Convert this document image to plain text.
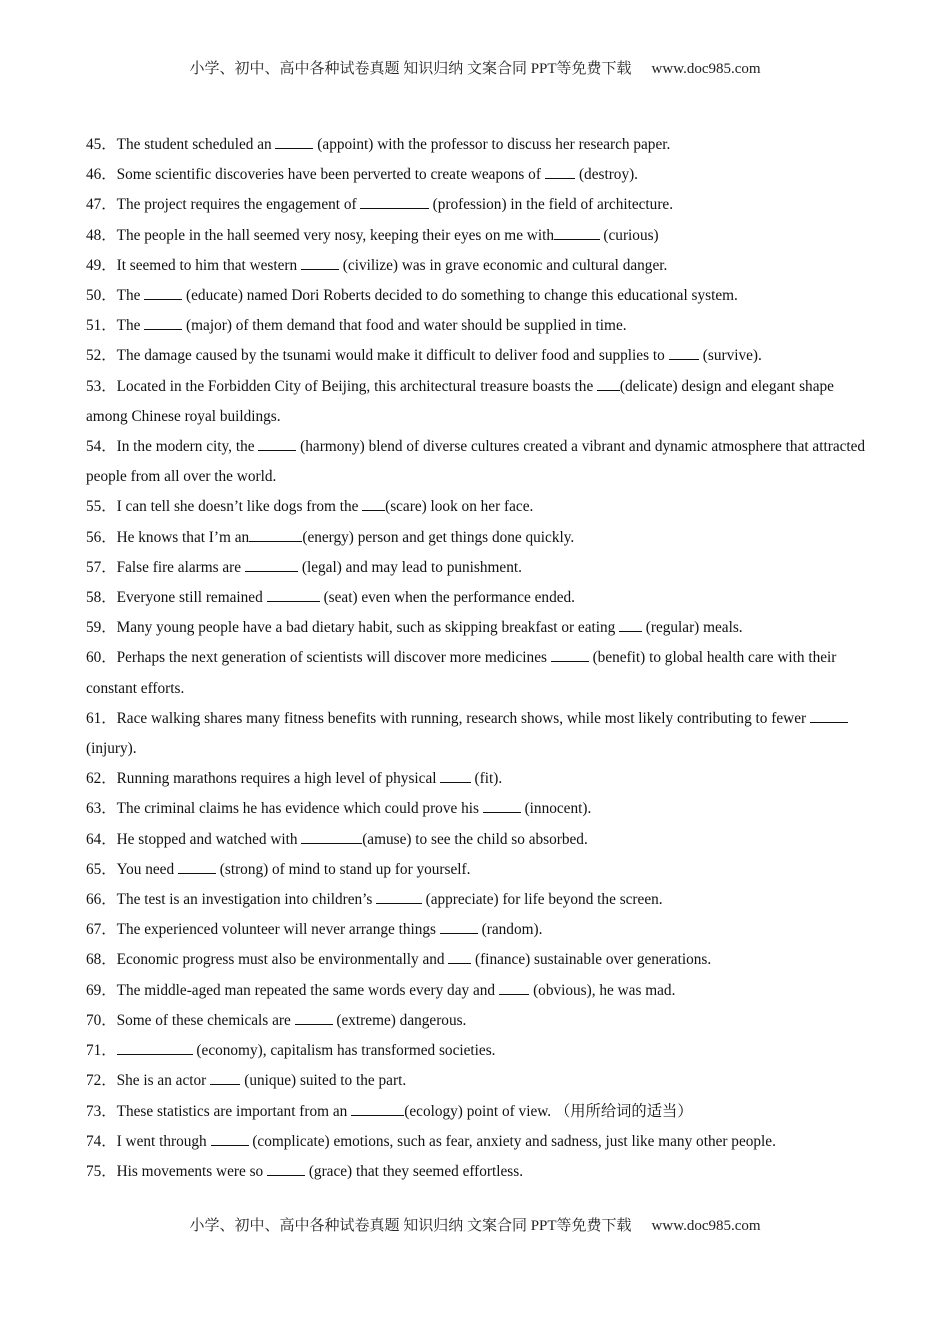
小学、初中、高中各种试卷真题 知识归纳 文案合同 PPT等免费下载 www.doc985.com

45．The student scheduled an  (appoint) with the professor to discuss her research paper.

46．Some scientific discoveries have been perverted to create weapons of  (destroy).

47．The project requires the engagement of	(profession) in the field of architecture.

48．The people in the hall seemed very nosy, keeping their eyes on me with	(curious)

49．It seemed to him that western  (civilize) was in grave economic and cultural danger.

50．The  (educate) named Dori Roberts decided to do something to change this educational system.

51．The  (major) of them demand that food and water should be supplied in time.

52．The damage caused by the tsunami would make it difficult to deliver food and supplies to  (survive).

53．Located in the Forbidden City of Beijing, this architectural treasure boasts the (delicate) design and elegant shape among Chinese royal buildings.

54．In the modern city, the  (harmony) blend of diverse cultures created a vibrant and dynamic atmosphere that attracted people from all over the world.

55．I can tell she doesn’t like dogs from the (scare) look on her face.

56．He knows that I’m an	(energy) person and get things done quickly.

57．False fire alarms are	(legal) and may lead to punishment.

58．Everyone still remained	(seat) even when the performance ended.

59．Many young people have a bad dietary habit, such as skipping breakfast or eating  (regular) meals.

60．Perhaps the next generation of scientists will discover more medicines  (benefit) to global health care with their constant efforts.

61．Race walking shares many fitness benefits with running, research shows, while most likely contributing to fewer  (injury).

62．Running marathons requires a high level of physical  (fit).

63．The criminal claims he has evidence which could prove his  (innocent).

64．He stopped and watched with	(amuse) to see the child so absorbed.

65．You need  (strong) of mind to stand up for yourself.

66．The test is an investigation into children’s	(appreciate) for life beyond the screen.

67．The experienced volunteer will never arrange things  (random).

68．Economic progress must also be environmentally and  (finance) sustainable over generations.

69．The middle-aged man repeated the same words every day and  (obvious), he was mad.

70．Some of these chemicals are  (extreme) dangerous.

71．	(economy), capitalism has transformed societies.

72．She is an actor  (unique) suited to the part.

73．These statistics are important from an	(ecology) point of view. （用所给词的适当）

74．I went through  (complicate) emotions, such as fear, anxiety and sadness, just like many other people.

75．His movements were so  (grace) that they seemed effortless.

小学、初中、高中各种试卷真题 知识归纳 文案合同 PPT等免费下载 www.doc985.com
